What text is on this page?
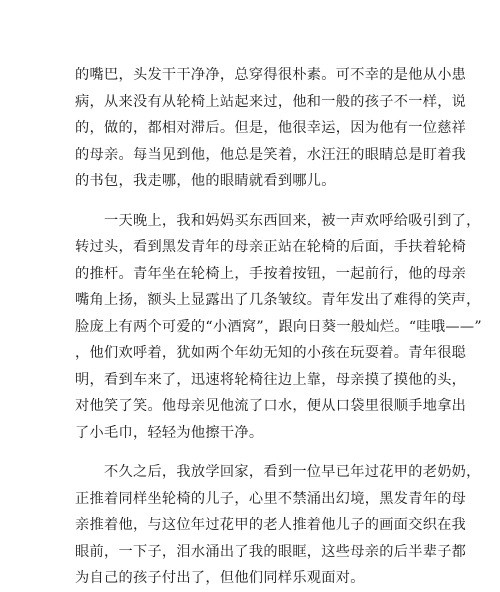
的嘴巴，头发干干净净，总穿得很朴素。可不幸的是他从小患
病，从来没有从轮椅上站起来过，他和一般的孩子不一样，说
的，做的，都相对滞后。但是，他很幸运，因为他有一位慈祥
的母亲。每当见到他，他总是笑着，水汪汪的眼睛总是盯着我
的书包，我走哪，他的眼睛就看到哪儿。

　　一天晚上，我和妈妈买东西回来，被一声欢呼给吸引到了，
转过头，看到黑发青年的母亲正站在轮椅的后面，手扶着轮椅
的推杆。青年坐在轮椅上，手按着按钮，一起前行，他的母亲
嘴角上扬，额头上显露出了几条皱纹。青年发出了难得的笑声，
脸庞上有两个可爱的“小酒窝”，跟向日葵一般灿烂。“哇哦——”
，他们欢呼着，犹如两个年幼无知的小孩在玩耍着。青年很聪
明，看到车来了，迅速将轮椅往边上靠，母亲摸了摸他的头，
对他笑了笑。他母亲见他流了口水，便从口袋里很顺手地拿出
了小毛巾，轻轻为他擦干净。

　　不久之后，我放学回家，看到一位早已年过花甲的老奶奶，
正推着同样坐轮椅的儿子，心里不禁涌出幻境，黑发青年的母
亲推着他，与这位年过花甲的老人推着他儿子的画面交织在我
眼前，一下子，泪水涌出了我的眼眶，这些母亲的后半辈子都
为自己的孩子付出了，但他们同样乐观面对。
